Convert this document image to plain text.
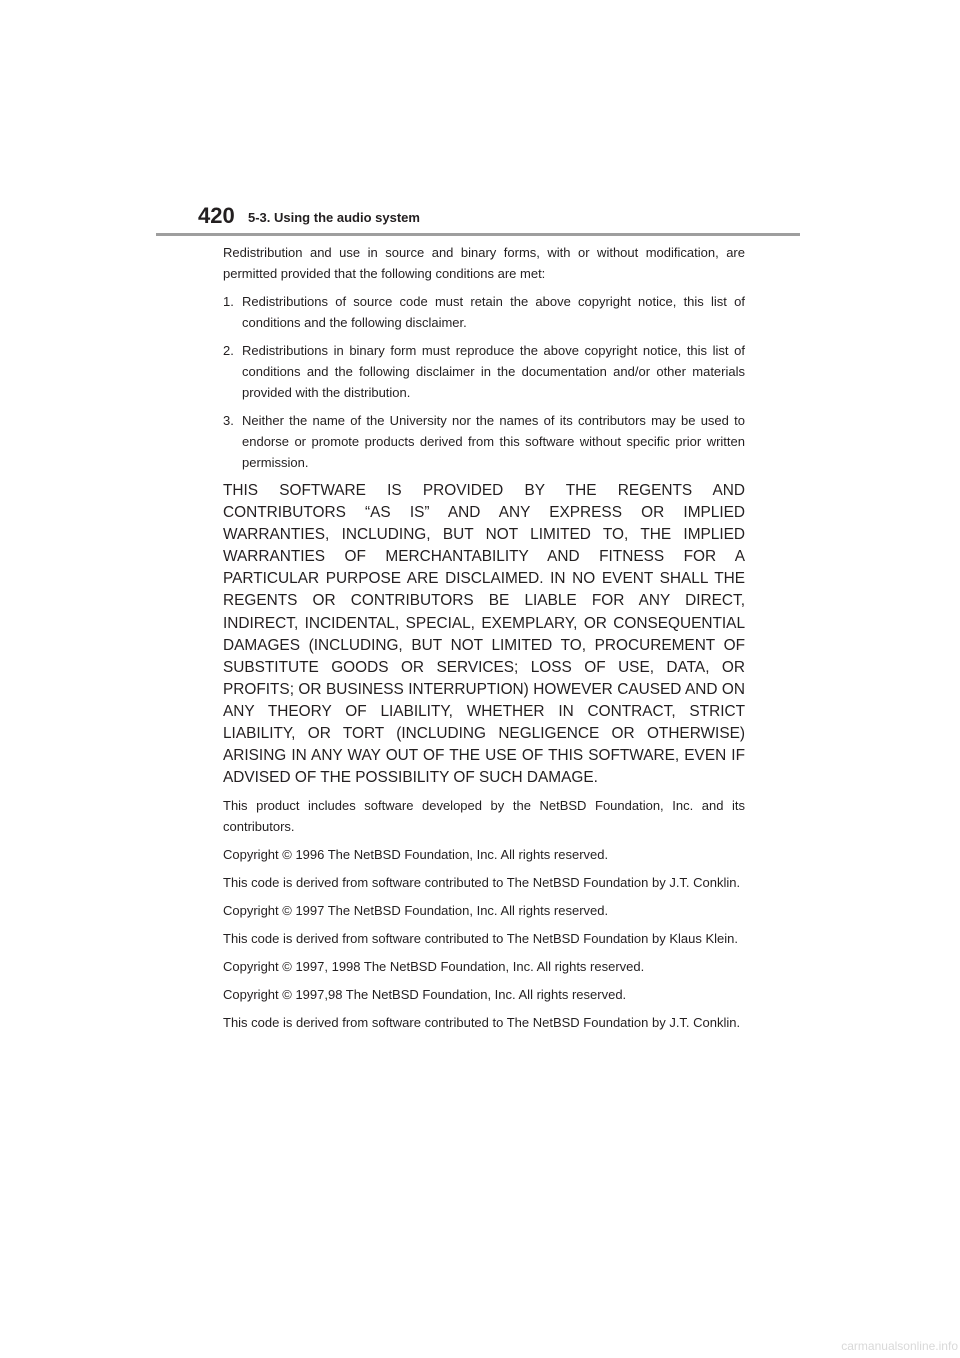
420 5-3. Using the audio system

Redistribution and use in source and binary forms, with or without modification, are permitted provided that the following conditions are met:

1. Redistributions of source code must retain the above copyright notice, this list of conditions and the following disclaimer.
2. Redistributions in binary form must reproduce the above copyright notice, this list of conditions and the following disclaimer in the documentation and/or other materials provided with the distribution.
3. Neither the name of the University nor the names of its contributors may be used to endorse or promote products derived from this software without specific prior written permission.

THIS SOFTWARE IS PROVIDED BY THE REGENTS AND CONTRIBUTORS “AS IS” AND ANY EXPRESS OR IMPLIED WARRANTIES, INCLUDING, BUT NOT LIMITED TO, THE IMPLIED WARRANTIES OF MERCHANTABILITY AND FITNESS FOR A PARTICULAR PURPOSE ARE DISCLAIMED. IN NO EVENT SHALL THE REGENTS OR CONTRIBUTORS BE LIABLE FOR ANY DIRECT, INDIRECT, INCIDENTAL, SPECIAL, EXEMPLARY, OR CONSEQUENTIAL DAMAGES (INCLUDING, BUT NOT LIMITED TO, PROCUREMENT OF SUBSTITUTE GOODS OR SERVICES; LOSS OF USE, DATA, OR PROFITS; OR BUSINESS INTERRUPTION) HOWEVER CAUSED AND ON ANY THEORY OF LIABILITY, WHETHER IN CONTRACT, STRICT LIABILITY, OR TORT (INCLUDING NEGLIGENCE OR OTHERWISE) ARISING IN ANY WAY OUT OF THE USE OF THIS SOFTWARE, EVEN IF ADVISED OF THE POSSIBILITY OF SUCH DAMAGE.

This product includes software developed by the NetBSD Foundation, Inc. and its contributors.

Copyright © 1996 The NetBSD Foundation, Inc. All rights reserved.

This code is derived from software contributed to The NetBSD Foundation by J.T. Conklin.

Copyright © 1997 The NetBSD Foundation, Inc. All rights reserved.

This code is derived from software contributed to The NetBSD Foundation by Klaus Klein.

Copyright © 1997, 1998 The NetBSD Foundation, Inc. All rights reserved.

Copyright © 1997,98 The NetBSD Foundation, Inc. All rights reserved.

This code is derived from software contributed to The NetBSD Foundation by J.T. Conklin.

carmanualsonline.info
